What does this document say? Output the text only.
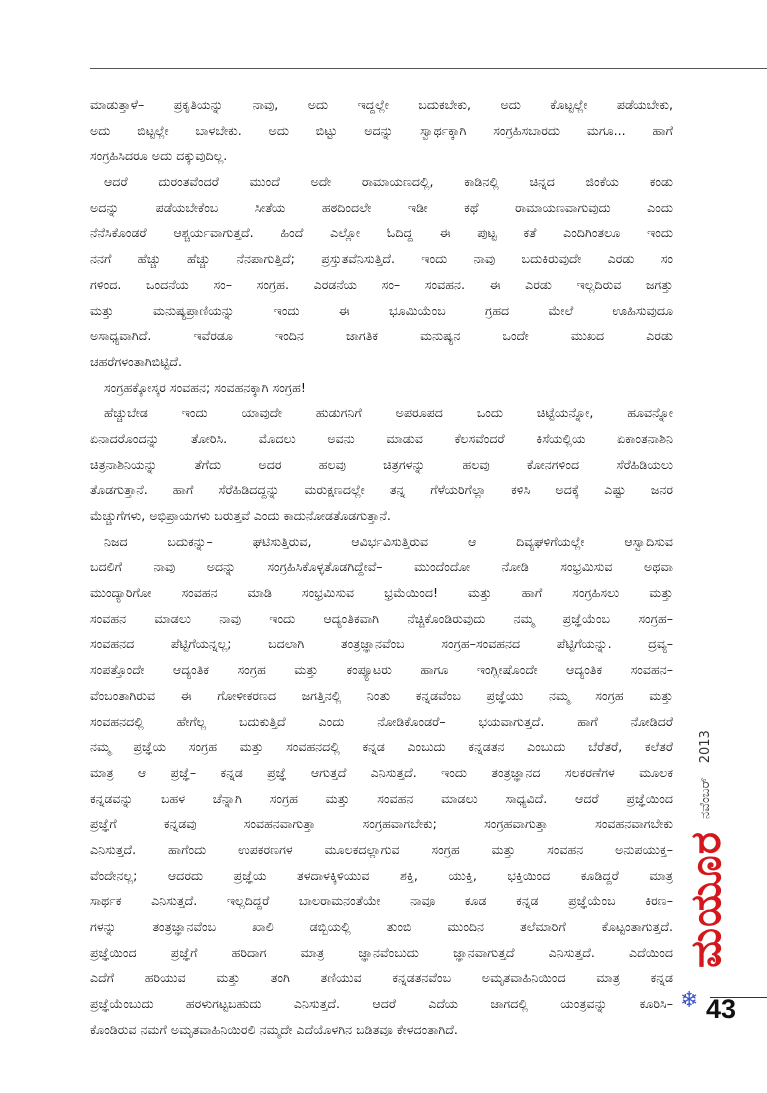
ಮಾಡುತ್ತಾಳೆ– ಪ್ರಕೃತಿಯನ್ನು ನಾವು, ಅದು ಇದ್ದಲ್ಲೇ ಬದುಕಬೇಕು, ಅದು ಕೊಟ್ಟಲ್ಲೇ ಪಡೆಯಬೇಕು,
ಅದು ಬಿಟ್ಟಲ್ಲೇ ಬಾಳಬೇಕು. ಅದು ಬಿಟ್ಟು ಅದನ್ನು ಸ್ವಾರ್ಥಕ್ಕಾಗಿ ಸಂಗ್ರಹಿಸಬಾರದು ಮಗೂ... ಹಾಗೆ
ಸಂಗ್ರಹಿಸಿದರೂ ಅದು ದಕ್ಕುವುದಿಲ್ಲ.
ಆದರೆ ದುರಂತವೆಂದರೆ ಮುಂದೆ ಅದೇ ರಾಮಾಯಣದಲ್ಲಿ, ಕಾಡಿನಲ್ಲಿ ಚಿನ್ನದ ಜಿಂಕೆಯ ಕಂಡು
ಅದನ್ನು ಪಡೆಯಬೇಕೆಂಬ ಸೀತೆಯ ಹಠದಿಂದಲೇ ಇಡೀ ಕಥೆ ರಾಮಾಯಣವಾಗುವುದು ಎಂದು
ನೆನೆಸಿಕೊಂಡರೆ ಆಶ್ಚರ್ಯವಾಗುತ್ತದೆ. ಹಿಂದೆ ಎಲ್ಲೋ ಓದಿದ್ದ ಈ ಪುಟ್ಟ ಕತೆ ಎಂದಿಗಿಂತಲೂ ಇಂದು
ನನಗೆ ಹೆಚ್ಚು ಹೆಚ್ಚು ನೆನಪಾಗುತ್ತಿದೆ; ಪ್ರಸ್ತುತವೆನಿಸುತ್ತಿದೆ. ಇಂದು ನಾವು ಬದುಕಿರುವುದೇ ಎರಡು ಸಂ
ಗಳಿಂದ. ಒಂದನೆಯ ಸಂ– ಸಂಗ್ರಹ. ಎರಡನೆಯ ಸಂ– ಸಂವಹನ. ಈ ಎರಡು ಇಲ್ಲದಿರುವ ಜಗತ್ತು
ಮತ್ತು ಮನುಷ್ಯಪ್ರಾಣಿಯನ್ನು ಇಂದು ಈ ಭೂಮಿಯೆಂಬ ಗ್ರಹದ ಮೇಲೆ ಊಹಿಸುವುದೂ
ಅಸಾಧ್ಯವಾಗಿದೆ. ಇವೆರಡೂ ಇಂದಿನ ಜಾಗತಿಕ ಮನುಷ್ಯನ ಒಂದೇ ಮುಖದ ಎರಡು
ಚಹರೆಗಳಂತಾಗಿಬಿಟ್ಟಿದೆ.
ಸಂಗ್ರಹಕ್ಕೋಸ್ಕರ ಸಂವಹನ; ಸಂವಹನಕ್ಕಾಗಿ ಸಂಗ್ರಹ!
ಹೆಚ್ಚುಬೇಡ ಇಂದು ಯಾವುದೇ ಹುಡುಗನಿಗೆ ಅಪರೂಪದ ಒಂದು ಚಿಟ್ಟೆಯನ್ನೋ, ಹೂವನ್ನೋ
ಏನಾದರೊಂದನ್ನು ತೋರಿಸಿ. ಮೊದಲು ಅವನು ಮಾಡುವ ಕೆಲಸವೆಂದರೆ ಕಿಸೆಯಲ್ಲಿಯ ಏಕಾಂತನಾಶಿನಿ
ಚಿತ್ರನಾಶಿನಿಯನ್ನು ತೆಗೆದು ಅದರ ಹಲವು ಚಿತ್ರಗಳನ್ನು ಹಲವು ಕೋನಗಳಿಂದ ಸೆರೆಹಿಡಿಯಲು
ತೊಡಗುತ್ತಾನೆ. ಹಾಗೆ ಸೆರೆಹಿಡಿದದ್ದನ್ನು ಮರುಕ್ಷಣದಲ್ಲೇ ತನ್ನ ಗೆಳೆಯರಿಗೆಲ್ಲಾ ಕಳಿಸಿ ಅದಕ್ಕೆ ಎಷ್ಟು ಜನರ
ಮೆಚ್ಚುಗೆಗಳು, ಅಭಿಪ್ರಾಯಗಳು ಬರುತ್ತವೆ ಎಂದು ಕಾದುನೋಡತೊಡಗುತ್ತಾನೆ.
ನಿಜದ ಬದುಕನ್ನು– ಘಟಿಸುತ್ತಿರುವ, ಆವಿರ್ಭವಿಸುತ್ತಿರುವ ಆ ದಿವ್ಯಘಳಿಗೆಯಲ್ಲೇ ಆಸ್ವಾದಿಸುವ
ಬದಲಿಗೆ ನಾವು ಅದನ್ನು ಸಂಗ್ರಹಿಸಿಕೊಳ್ಳತೊಡಗಿದ್ದೇವೆ– ಮುಂದೆಂದೋ ನೋಡಿ ಸಂಭ್ರಮಿಸುವ ಅಥವಾ
ಮುಂದ್ಯಾರಿಗೋ ಸಂವಹನ ಮಾಡಿ ಸಂಭ್ರಮಿಸುವ ಭ್ರಮೆಯಿಂದ! ಮತ್ತು ಹಾಗೆ ಸಂಗ್ರಹಿಸಲು ಮತ್ತು
ಸಂವಹನ ಮಾಡಲು ನಾವು ಇಂದು ಆದ್ಯಂತಿಕವಾಗಿ ನೆಚ್ಚಿಕೊಂಡಿರುವುದು ನಮ್ಮ ಪ್ರಜ್ಞೆಯೆಂಬ ಸಂಗ್ರಹ–
ಸಂವಹನದ ಪೆಟ್ಟಿಗೆಯನ್ನಲ್ಲ; ಬದಲಾಗಿ ತಂತ್ರಜ್ಞಾನವೆಂಬ ಸಂಗ್ರಹ–ಸಂವಹನದ ಪೆಟ್ಟಿಗೆಯನ್ನು. ದ್ರವ್ಯ–
ಸಂಪತ್ತೊಂದೇ ಆದ್ಯಂತಿಕ ಸಂಗ್ರಹ ಮತ್ತು ಕಂಪ್ಯೂಟರು ಹಾಗೂ ಇಂಗ್ಲೀಷೊಂದೇ ಆದ್ಯಂತಿಕ ಸಂವಹನ–
ವೆಂಬಂತಾಗಿರುವ ಈ ಗೋಳೀಕರಣದ ಜಗತ್ತಿನಲ್ಲಿ ನಿಂತು ಕನ್ನಡವೆಂಬ ಪ್ರಜ್ಞೆಯು ನಮ್ಮ ಸಂಗ್ರಹ ಮತ್ತು
ಸಂವಹನದಲ್ಲಿ ಹೇಗೆಲ್ಲ ಬದುಕುತ್ತಿದೆ ಎಂದು ನೋಡಿಕೊಂಡರೆ– ಭಯವಾಗುತ್ತದೆ. ಹಾಗೆ ನೋಡಿದರೆ
ನಮ್ಮ ಪ್ರಜ್ಞೆಯ ಸಂಗ್ರಹ ಮತ್ತು ಸಂವಹನದಲ್ಲಿ ಕನ್ನಡ ಎಂಬುದು ಕನ್ನಡತನ ಎಂಬುದು ಬೆರೆತರೆ, ಕಲೆತರೆ
ಮಾತ್ರ ಆ ಪ್ರಜ್ಞೆ– ಕನ್ನಡ ಪ್ರಜ್ಞೆ ಆಗುತ್ತದೆ ಎನಿಸುತ್ತದೆ. ಇಂದು ತಂತ್ರಜ್ಞಾನದ ಸಲಕರಣೆಗಳ ಮೂಲಕ
ಕನ್ನಡವನ್ನು ಬಹಳ ಚೆನ್ನಾಗಿ ಸಂಗ್ರಹ ಮತ್ತು ಸಂವಹನ ಮಾಡಲು ಸಾಧ್ಯವಿದೆ. ಆದರೆ ಪ್ರಜ್ಞೆಯಿಂದ
ಪ್ರಜ್ಞೆಗೆ ಕನ್ನಡವು ಸಂವಹನವಾಗುತ್ತಾ ಸಂಗ್ರಹವಾಗಬೇಕು; ಸಂಗ್ರಹವಾಗುತ್ತಾ ಸಂವಹನವಾಗಬೇಕು
ಎನಿಸುತ್ತದೆ. ಹಾಗೆಂದು ಉಪಕರಣಗಳ ಮೂಲಕದಲ್ಲಾಗುವ ಸಂಗ್ರಹ ಮತ್ತು ಸಂವಹನ ಅನುಪಯುಕ್ತ–
ವೆಂದೇನಲ್ಲ; ಆದರದು ಪ್ರಜ್ಞೆಯ ತಳದಾಳಕ್ಕಿಳಿಯುವ ಶಕ್ತಿ, ಯುಕ್ತಿ, ಭಕ್ತಿಯಿಂದ ಕೂಡಿದ್ದರೆ ಮಾತ್ರ
ಸಾರ್ಥಕ ಎನಿಸುತ್ತದೆ. ಇಲ್ಲದಿದ್ದರೆ ಬಾಲರಾಮನಂತೆಯೇ ನಾವೂ ಕೂಡ ಕನ್ನಡ ಪ್ರಜ್ಞೆಯೆಂಬ ಕಿರಣ–
ಗಳನ್ನು ತಂತ್ರಜ್ಞಾನವೆಂಬ ಖಾಲಿ ಡಬ್ಬಿಯಲ್ಲಿ ತುಂಬಿ ಮುಂದಿನ ತಲೆಮಾರಿಗೆ ಕೊಟ್ಟಂತಾಗುತ್ತದೆ.
ಪ್ರಜ್ಞೆಯಿಂದ ಪ್ರಜ್ಞೆಗೆ ಹರಿದಾಗ ಮಾತ್ರ ಜ್ಞಾನವೆಂಬುದು ಜ್ಞಾನವಾಗುತ್ತದೆ ಎನಿಸುತ್ತದೆ. ಎದೆಯಿಂದ
ಎದೆಗೆ ಹರಿಯುವ ಮತ್ತು ತಂಗಿ ತಣಿಯುವ ಕನ್ನಡತನವೆಂಬ ಅಮೃತವಾಹಿನಿಯಿಂದ ಮಾತ್ರ ಕನ್ನಡ
ಪ್ರಜ್ಞೆಯೆಂಬುದು ಹರಳುಗಟ್ಟಬಹುದು ಎನಿಸುತ್ತದೆ. ಆದರೆ ಎದೆಯ ಜಾಗದಲ್ಲಿ ಯಂತ್ರವನ್ನು ಕೂರಿಸಿ–
ಕೊಂಡಿರುವ ನಮಗೆ ಅಮೃತವಾಹಿನಿಯಿರಲಿ ನಮ್ಮದೇ ಎದೆಯೊಳಗಿನ ಬಡಿತವೂ ಕೇಳದಂತಾಗಿದೆ.
ಮಯೂರ
ನವೆಂಬರ್
2013
❄ 43
